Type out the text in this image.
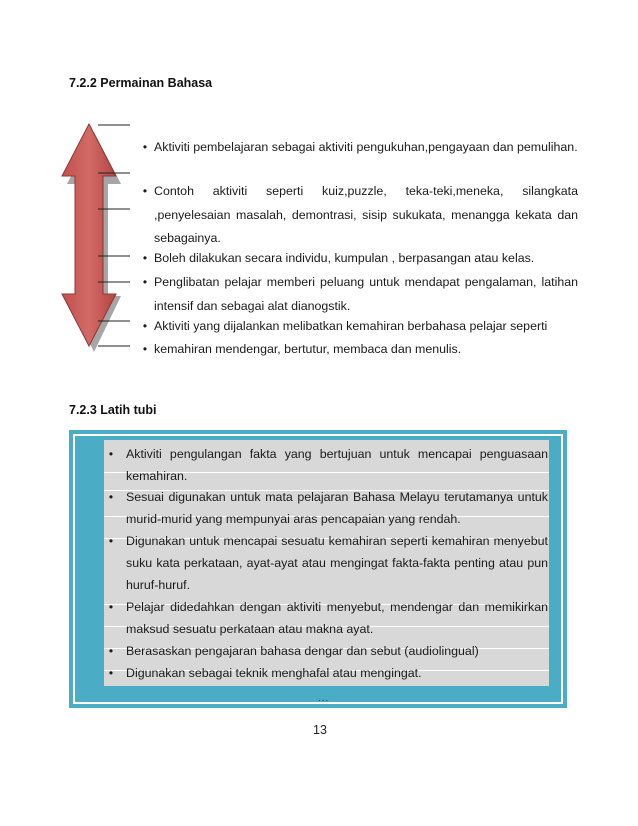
7.2.2 Permainan Bahasa
• Aktiviti pembelajaran sebagai aktiviti pengukuhan,pengayaan dan pemulihan.
• Contoh aktiviti seperti kuiz,puzzle, teka-teki,meneka, silangkata ,penyelesaian masalah, demontrasi, sisip sukukata, menangga kekata dan sebagainya.
• Boleh dilakukan secara individu, kumpulan , berpasangan atau kelas.
• Penglibatan pelajar memberi peluang untuk mendapat pengalaman, latihan intensif dan sebagai alat dianogstik.
• Aktiviti yang dijalankan melibatkan kemahiran berbahasa pelajar seperti
• kemahiran mendengar, bertutur, membaca dan menulis.
7.2.3 Latih tubi
•	Aktiviti pengulangan fakta yang bertujuan untuk mencapai penguasaan kemahiran.
•	Sesuai digunakan untuk mata pelajaran Bahasa Melayu terutamanya untuk murid-murid yang mempunyai aras pencapaian yang rendah.
•	Digunakan untuk mencapai sesuatu kemahiran seperti kemahiran menyebut suku kata perkataan, ayat-ayat atau mengingat fakta-fakta penting atau pun huruf-huruf.
•	Pelajar didedahkan dengan aktiviti menyebut, mendengar dan memikirkan maksud sesuatu perkataan atau makna ayat.
•	Berasaskan pengajaran bahasa dengar dan sebut (audiolingual)
•	Digunakan sebagai teknik menghafal atau mengingat.
...
13
